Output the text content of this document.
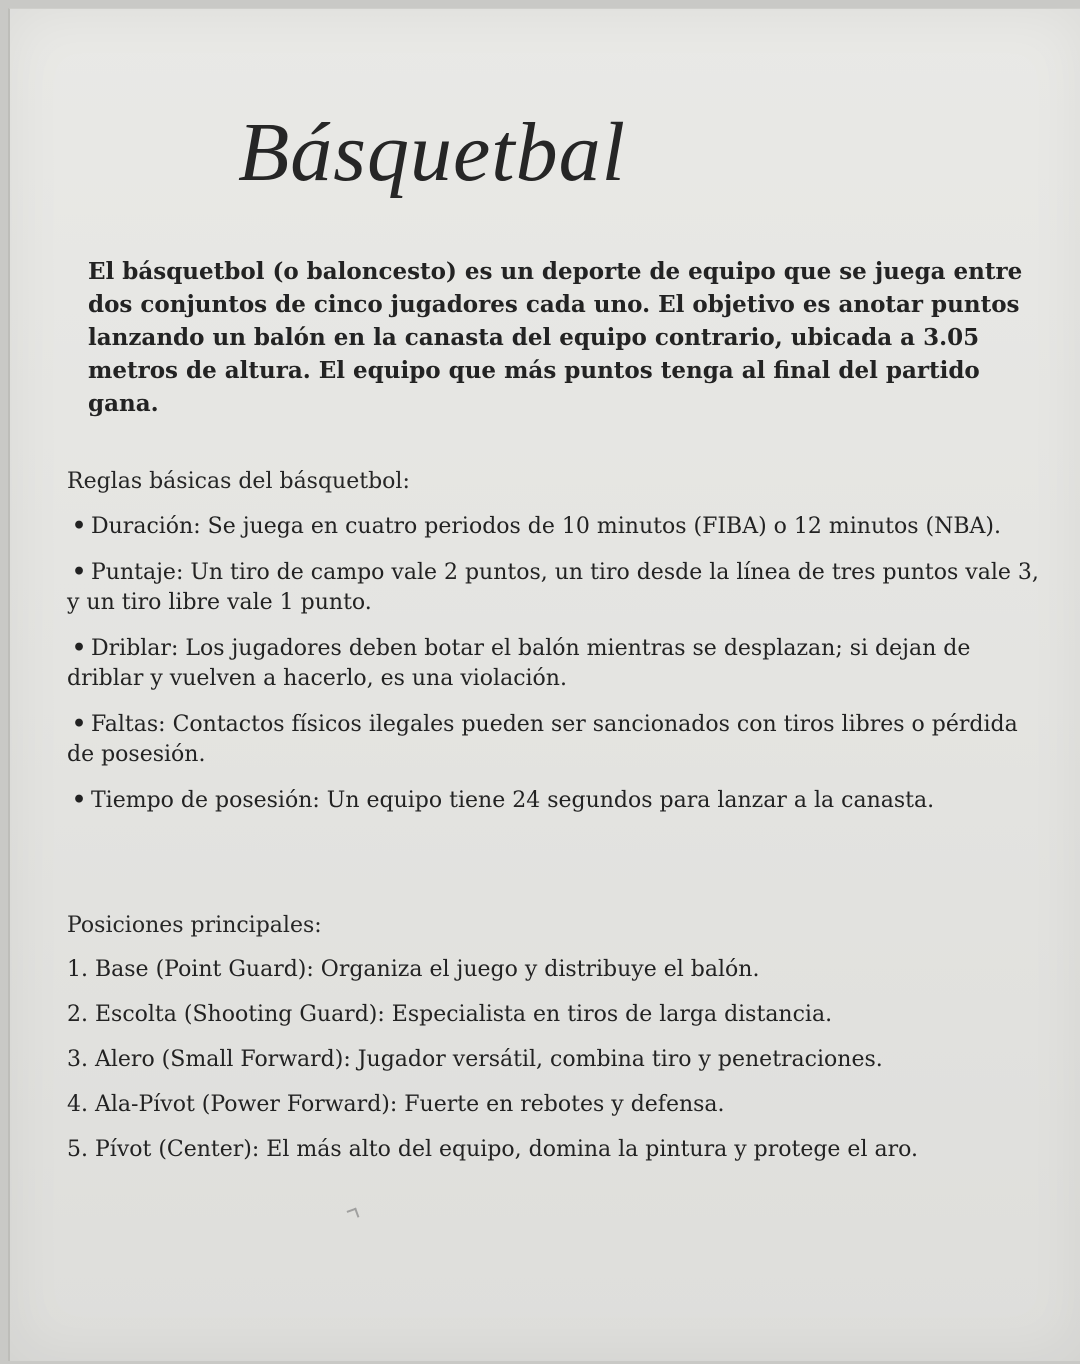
Básquetbal

El básquetbol (o baloncesto) es un deporte de equipo que se juega entre dos conjuntos de cinco jugadores cada uno. El objetivo es anotar puntos lanzando un balón en la canasta del equipo contrario, ubicada a 3.05 metros de altura. El equipo que más puntos tenga al final del partido gana.

Reglas básicas del básquetbol:
• Duración: Se juega en cuatro periodos de 10 minutos (FIBA) o 12 minutos (NBA).
• Puntaje: Un tiro de campo vale 2 puntos, un tiro desde la línea de tres puntos vale 3, y un tiro libre vale 1 punto.
• Driblar: Los jugadores deben botar el balón mientras se desplazan; si dejan de driblar y vuelven a hacerlo, es una violación.
• Faltas: Contactos físicos ilegales pueden ser sancionados con tiros libres o pérdida de posesión.
• Tiempo de posesión: Un equipo tiene 24 segundos para lanzar a la canasta.
Posiciones principales:
1. Base (Point Guard): Organiza el juego y distribuye el balón.
2. Escolta (Shooting Guard): Especialista en tiros de larga distancia.
3. Alero (Small Forward): Jugador versátil, combina tiro y penetraciones.
4. Ala-Pívot (Power Forward): Fuerte en rebotes y defensa.
5. Pívot (Center): El más alto del equipo, domina la pintura y protege el aro.
